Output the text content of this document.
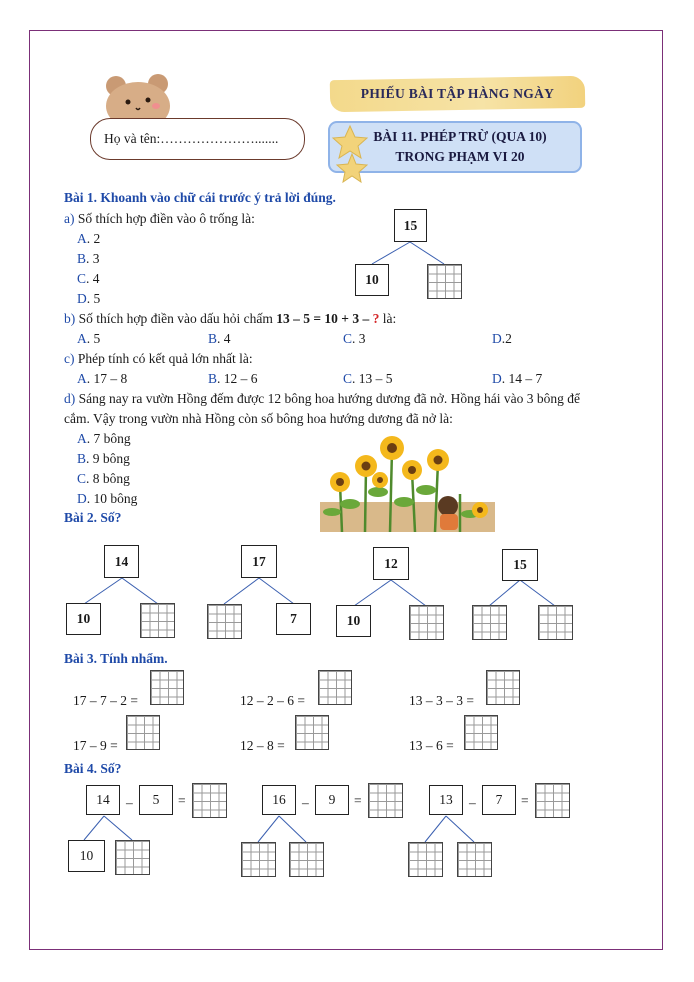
Họ và tên:………………….......
PHIẾU BÀI TẬP HÀNG NGÀY
BÀI 11. PHÉP TRỪ (QUA 10)
TRONG PHẠM VI 20
Bài 1. Khoanh vào chữ cái trước ý trả lời đúng.
a) Số thích hợp điền vào ô trống là:
A. 2
B. 3
C. 4
D. 5
15
10
b) Số thích hợp điền vào dấu hỏi chấm 13 – 5 = 10 + 3 – ? là:
A. 5	B. 4	C. 3	D.2
c) Phép tính có kết quả lớn nhất là:
A. 17 – 8	B. 12 – 6	C. 13 – 5	D. 14 – 7
d) Sáng nay ra vườn Hồng đếm được 12 bông hoa hướng dương đã nở. Hồng hái vào 3 bông để
cắm. Vậy trong vườn nhà Hồng còn số bông hoa hướng dương đã nở là:
A. 7 bông
B. 9 bông
C. 8 bông
D. 10 bông
Bài 2. Số?
14
10
17
7
12
10
15
Bài 3. Tính nhẩm.
17 – 7 – 2 =	12 – 2 – 6 =	13 – 3 – 3 =
17 – 9 =	12 – 8 =	13 – 6 =
Bài 4. Số?
14	–	5	=
10
16	–	9	=	13	–	7	=
